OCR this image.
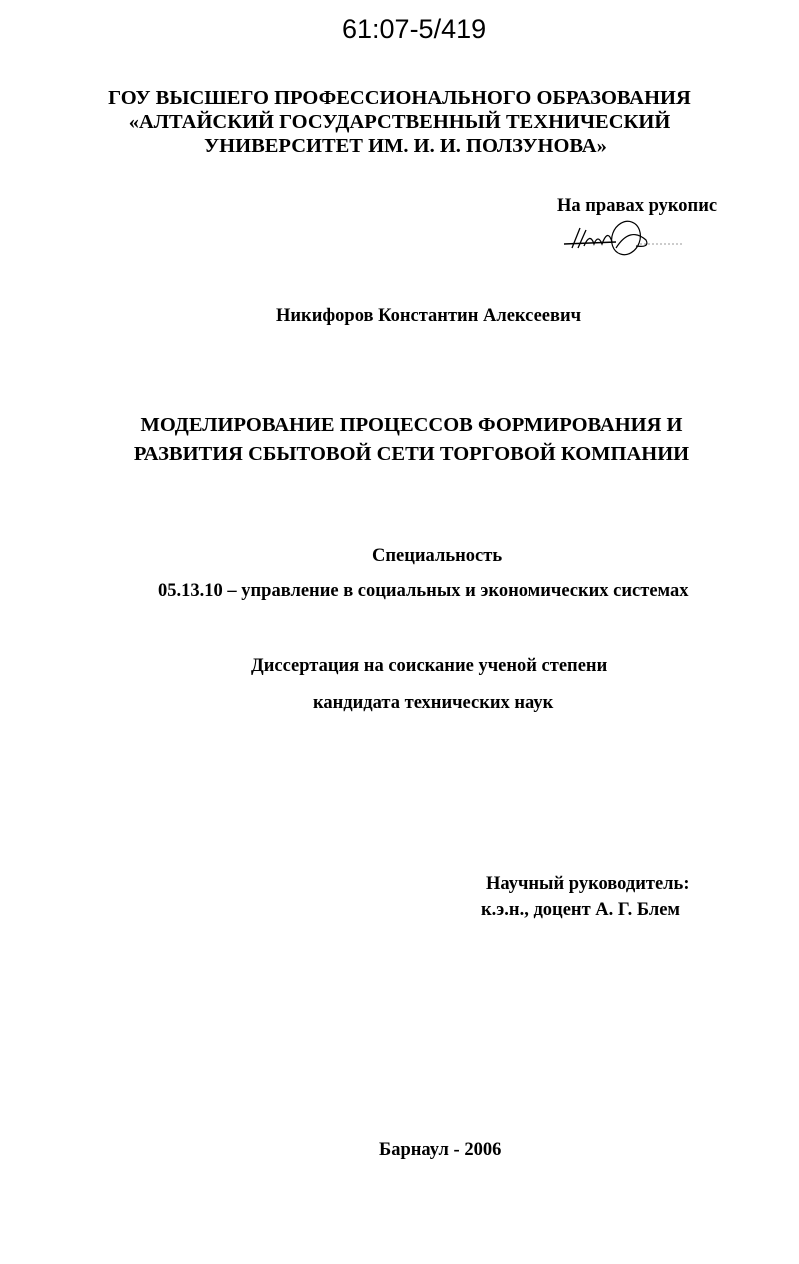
61:07-5/419
ГОУ ВЫСШЕГО ПРОФЕССИОНАЛЬНОГО ОБРАЗОВАНИЯ
«АЛТАЙСКИЙ ГОСУДАРСТВЕННЫЙ ТЕХНИЧЕСКИЙ
УНИВЕРСИТЕТ ИМ. И. И. ПОЛЗУНОВА»
На правах рукопис
Никифоров Константин Алексеевич
МОДЕЛИРОВАНИЕ ПРОЦЕССОВ ФОРМИРОВАНИЯ И
РАЗВИТИЯ СБЫТОВОЙ СЕТИ ТОРГОВОЙ КОМПАНИИ
Специальность
05.13.10 – управление в социальных и экономических системах
Диссертация на соискание ученой степени
кандидата технических наук
Научный руководитель:
к.э.н., доцент А. Г. Блем
Барнаул - 2006
